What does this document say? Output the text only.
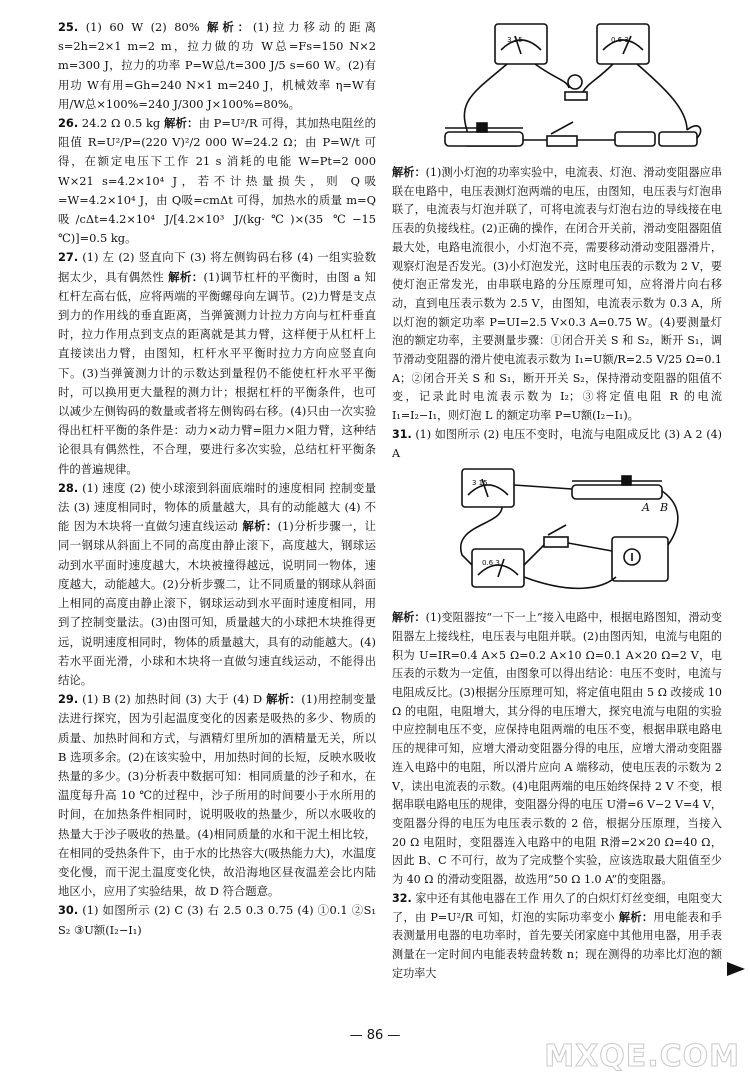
25. (1) 60 W (2) 80% 解析：(1)拉力移动的距离 s=2h=2×1 m=2 m，拉力做的功 W总=Fs=150 N×2 m=300 J，拉力的功率 P=W总/t=300 J/5 s=60 W。(2)有用功 W有用=Gh=240 N×1 m=240 J，机械效率 η=W有用/W总×100%=240 J/300 J×100%=80%。

26. 24.2 Ω 0.5 kg 解析：由 P=U²/R 可得，其加热电阻丝的阻值 R=U²/P=(220 V)²/2 000 W=24.2 Ω；由 P=W/t 可得，在额定电压下工作 21 s 消耗的电能 W=Pt=2 000 W×21 s=4.2×10⁴ J，若不计热量损失，则 Q吸=W=4.2×10⁴ J，由 Q吸=cmΔt 可得，加热水的质量 m=Q吸/cΔt=4.2×10⁴ J/[4.2×10³ J/(kg·℃)×(35 ℃−15 ℃)]=0.5 kg。

27. (1) 左 (2) 竖直向下 (3) 将左侧钩码右移 (4) 一组实验数据太少，具有偶然性 解析：(1)调节杠杆的平衡时，由图 a 知杠杆左高右低，应将两端的平衡螺母向左调节。(2)力臂是支点到力的作用线的垂直距离，当弹簧测力计拉力方向与杠杆垂直时，拉力作用点到支点的距离就是其力臂，这样便于从杠杆上直接读出力臂，由图知，杠杆水平平衡时拉力方向应竖直向下。(3)当弹簧测力计的示数达到量程仍不能使杠杆水平平衡时，可以换用更大量程的测力计；根据杠杆的平衡条件，也可以减少左侧钩码的数量或者将左侧钩码右移。(4)只由一次实验得出杠杆平衡的条件是：动力×动力臂=阻力×阻力臂，这种结论很具有偶然性，不合理，要进行多次实验，总结杠杆平衡条件的普遍规律。

28. (1) 速度 (2) 使小球滚到斜面底端时的速度相同 控制变量法 (3) 速度相同时，物体的质量越大，具有的动能越大 (4) 不能 因为木块将一直做匀速直线运动 解析：(1)分析步骤一，让同一钢球从斜面上不同的高度由静止滚下，高度越大，钢球运动到水平面时速度越大，木块被撞得越远，说明同一物体，速度越大，动能越大。(2)分析步骤二，让不同质量的钢球从斜面上相同的高度由静止滚下，钢球运动到水平面时速度相同，用到了控制变量法。(3)由图可知，质量越大的小球把木块推得更远，说明速度相同时，物体的质量越大，具有的动能越大。(4)若水平面光滑，小球和木块将一直做匀速直线运动，不能得出结论。

29. (1) B (2) 加热时间 (3) 大于 (4) D 解析：(1)用控制变量法进行探究，因为引起温度变化的因素是吸热的多少、物质的质量、加热时间和方式，与酒精灯里所加的酒精量无关，所以 B 选项多余。(2)在该实验中，用加热时间的长短，反映水吸收热量的多少。(3)分析表中数据可知：相同质量的沙子和水，在温度每升高 10 ℃的过程中，沙子所用的时间要小于水所用的时间，在加热条件相同时，说明吸收的热量少，所以水吸收的热量大于沙子吸收的热量。(4)相同质量的水和干泥土相比较，在相同的受热条件下，由于水的比热容大(吸热能力大)，水温度变化慢，而干泥土温度变化快，故沿海地区昼夜温差会比内陆地区小，应用了实验结果，故 D 符合题意。

30. (1) 如图所示 (2) C (3) 右 2.5 0.3 0.75 (4) ①0.1 ②S₁ S₂ ③U额(I₂−I₁)

3 15	0.6 3

解析：(1)测小灯泡的功率实验中，电流表、灯泡、滑动变阻器应串联在电路中，电压表测灯泡两端的电压，由图知，电压表与灯泡串联了，电流表与灯泡并联了，可将电流表与灯泡右边的导线接在电压表的负接线柱。(2)正确的操作，在闭合开关前，滑动变阻器阻值最大处，电路电流很小，小灯泡不亮，需要移动滑动变阻器滑片，观察灯泡是否发光。(3)小灯泡发光，这时电压表的示数为 2 V，要使灯泡正常发光，由串联电路的分压原理可知，应将滑片向右移动，直到电压表示数为 2.5 V，由图知，电流表示数为 0.3 A，所以灯泡的额定功率 P=UI=2.5 V×0.3 A=0.75 W。(4)要测量灯泡的额定功率，主要测量步骤：①闭合开关 S 和 S₂，断开 S₁，调节滑动变阻器的滑片使电流表示数为 I₁=U额/R=2.5 V/25 Ω=0.1 A；②闭合开关 S 和 S₁，断开开关 S₂，保持滑动变阻器的阻值不变，记录此时电流表示数为 I₂；③将定值电阻 R 的电流 I₁=I₂−I₁，则灯泡 L 的额定功率 P=U额(I₂−I₁)。

31. (1) 如图所示 (2) 电压不变时，电流与电阻成反比 (3) A 2 (4) A

3 15
0.6 3
A B

解析：(1)变阻器按“一下一上”接入电路中，根据电路图知，滑动变阻器左上接线柱，电压表与电阻并联。(2)由图丙知，电流与电阻的积为 U=IR=0.4 A×5 Ω=0.2 A×10 Ω=0.1 A×20 Ω=2 V，电压表的示数为一定值，由图象可以得出结论：电压不变时，电流与电阻成反比。(3)根据分压原理可知，将定值电阻由 5 Ω 改接成 10 Ω 的电阻，电阻增大，其分得的电压增大，探究电流与电阻的实验中应控制电压不变，应保持电阻两端的电压不变，根据串联电路电压的规律可知，应增大滑动变阻器分得的电压，应增大滑动变阻器连入电路中的电阻，所以滑片应向 A 端移动，使电压表的示数为 2 V，读出电流表的示数。(4)电阻两端的电压始终保持 2 V 不变，根据串联电路电压的规律，变阻器分得的电压 U滑=6 V−2 V=4 V，变阻器分得的电压为电压表示数的 2 倍，根据分压原理，当接入 20 Ω 电阻时，变阻器连入电路中的电阻 R滑=2×20 Ω=40 Ω，因此 B、C 不可行，故为了完成整个实验，应该选取最大阻值至少为 40 Ω 的滑动变阻器，故选用“50 Ω 1.0 A”的变阻器。

32. 家中还有其他电器在工作 用久了的白炽灯灯丝变细，电阻变大了，由 P=U²/R 可知，灯泡的实际功率变小 解析：用电能表和手表测量用电器的电功率时，首先要关闭家庭中其他用电器，用手表测量在一定时间内电能表转盘转数 n；现在测得的功率比灯泡的额定功率大

— 86 —
MXQE.COM
